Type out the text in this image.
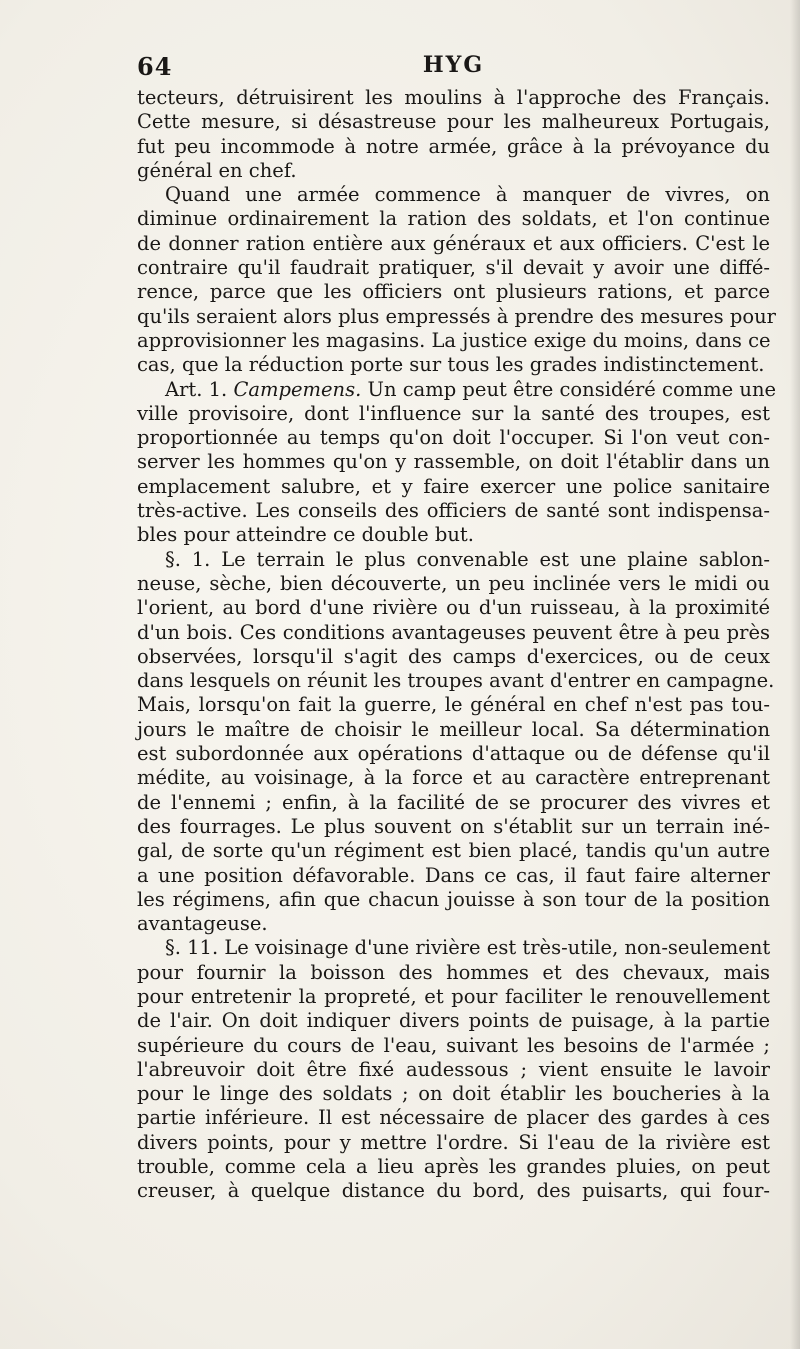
64	HYG
tecteurs, détruisirent les moulins à l'approche des Français.
Cette mesure, si désastreuse pour les malheureux Portugais,
fut peu incommode à notre armée, grâce à la prévoyance du
général en chef.
Quand une armée commence à manquer de vivres, on
diminue ordinairement la ration des soldats, et l'on continue
de donner ration entière aux généraux et aux officiers. C'est le
contraire qu'il faudrait pratiquer, s'il devait y avoir une diffé-
rence, parce que les officiers ont plusieurs rations, et parce
qu'ils seraient alors plus empressés à prendre des mesures pour
approvisionner les magasins. La justice exige du moins, dans ce
cas, que la réduction porte sur tous les grades indistinctement.
Art. 1. Campemens. Un camp peut être considéré comme une
ville provisoire, dont l'influence sur la santé des troupes, est
proportionnée au temps qu'on doit l'occuper. Si l'on veut con-
server les hommes qu'on y rassemble, on doit l'établir dans un
emplacement salubre, et y faire exercer une police sanitaire
très-active. Les conseils des officiers de santé sont indispensa-
bles pour atteindre ce double but.
§. 1. Le terrain le plus convenable est une plaine sablon-
neuse, sèche, bien découverte, un peu inclinée vers le midi ou
l'orient, au bord d'une rivière ou d'un ruisseau, à la proximité
d'un bois. Ces conditions avantageuses peuvent être à peu près
observées, lorsqu'il s'agit des camps d'exercices, ou de ceux
dans lesquels on réunit les troupes avant d'entrer en campagne.
Mais, lorsqu'on fait la guerre, le général en chef n'est pas tou-
jours le maître de choisir le meilleur local. Sa détermination
est subordonnée aux opérations d'attaque ou de défense qu'il
médite, au voisinage, à la force et au caractère entreprenant
de l'ennemi ; enfin, à la facilité de se procurer des vivres et
des fourrages. Le plus souvent on s'établit sur un terrain iné-
gal, de sorte qu'un régiment est bien placé, tandis qu'un autre
a une position défavorable. Dans ce cas, il faut faire alterner
les régimens, afin que chacun jouisse à son tour de la position
avantageuse.
§. 11. Le voisinage d'une rivière est très-utile, non-seulement
pour fournir la boisson des hommes et des chevaux, mais
pour entretenir la propreté, et pour faciliter le renouvellement
de l'air. On doit indiquer divers points de puisage, à la partie
supérieure du cours de l'eau, suivant les besoins de l'armée ;
l'abreuvoir doit être fixé audessous ; vient ensuite le lavoir
pour le linge des soldats ; on doit établir les boucheries à la
partie inférieure. Il est nécessaire de placer des gardes à ces
divers points, pour y mettre l'ordre. Si l'eau de la rivière est
trouble, comme cela a lieu après les grandes pluies, on peut
creuser, à quelque distance du bord, des puisarts, qui four-
